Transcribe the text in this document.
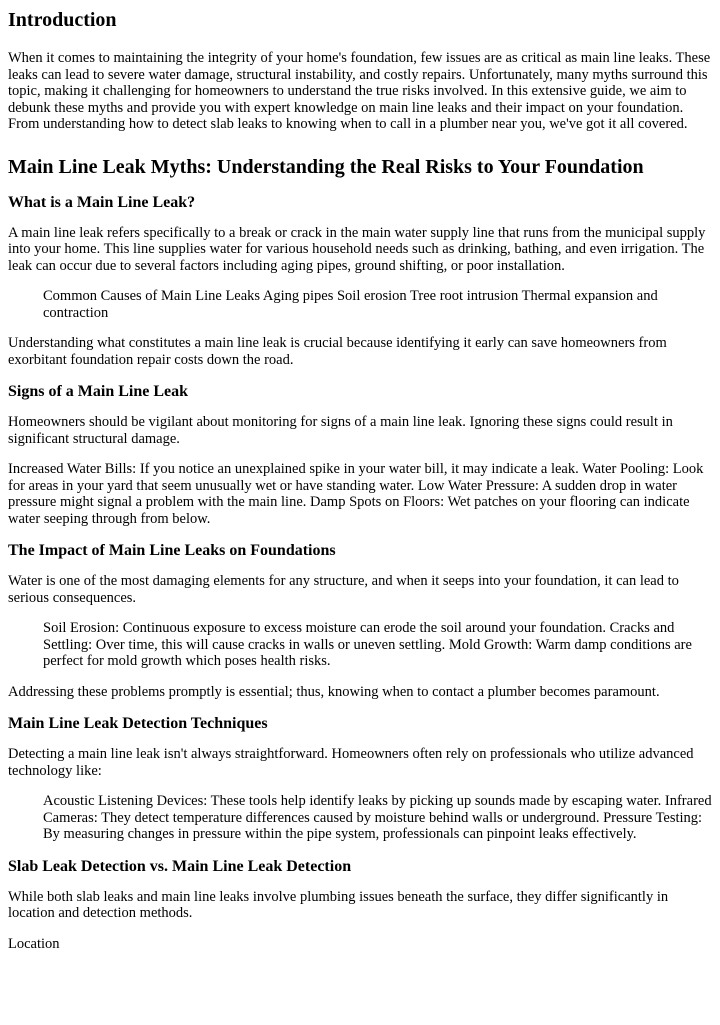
Introduction

When it comes to maintaining the integrity of your home's foundation, few issues are as critical as main line leaks. These leaks can lead to severe water damage, structural instability, and costly repairs. Unfortunately, many myths surround this topic, making it challenging for homeowners to understand the true risks involved. In this extensive guide, we aim to debunk these myths and provide you with expert knowledge on main line leaks and their impact on your foundation. From understanding how to detect slab leaks to knowing when to call in a plumber near you, we've got it all covered.

Main Line Leak Myths: Understanding the Real Risks to Your Foundation
What is a Main Line Leak?

A main line leak refers specifically to a break or crack in the main water supply line that runs from the municipal supply into your home. This line supplies water for various household needs such as drinking, bathing, and even irrigation. The leak can occur due to several factors including aging pipes, ground shifting, or poor installation.

Common Causes of Main Line Leaks Aging pipes Soil erosion Tree root intrusion Thermal expansion and contraction

Understanding what constitutes a main line leak is crucial because identifying it early can save homeowners from exorbitant foundation repair costs down the road.

Signs of a Main Line Leak

Homeowners should be vigilant about monitoring for signs of a main line leak. Ignoring these signs could result in significant structural damage.

Increased Water Bills: If you notice an unexplained spike in your water bill, it may indicate a leak. Water Pooling: Look for areas in your yard that seem unusually wet or have standing water. Low Water Pressure: A sudden drop in water pressure might signal a problem with the main line. Damp Spots on Floors: Wet patches on your flooring can indicate water seeping through from below.

The Impact of Main Line Leaks on Foundations

Water is one of the most damaging elements for any structure, and when it seeps into your foundation, it can lead to serious consequences.

Soil Erosion: Continuous exposure to excess moisture can erode the soil around your foundation. Cracks and Settling: Over time, this will cause cracks in walls or uneven settling. Mold Growth: Warm damp conditions are perfect for mold growth which poses health risks.

Addressing these problems promptly is essential; thus, knowing when to contact a plumber becomes paramount.

Main Line Leak Detection Techniques

Detecting a main line leak isn't always straightforward. Homeowners often rely on professionals who utilize advanced technology like:

Acoustic Listening Devices: These tools help identify leaks by picking up sounds made by escaping water. Infrared Cameras: They detect temperature differences caused by moisture behind walls or underground. Pressure Testing: By measuring changes in pressure within the pipe system, professionals can pinpoint leaks effectively.
Slab Leak Detection vs. Main Line Leak Detection

While both slab leaks and main line leaks involve plumbing issues beneath the surface, they differ significantly in location and detection methods.

Location
